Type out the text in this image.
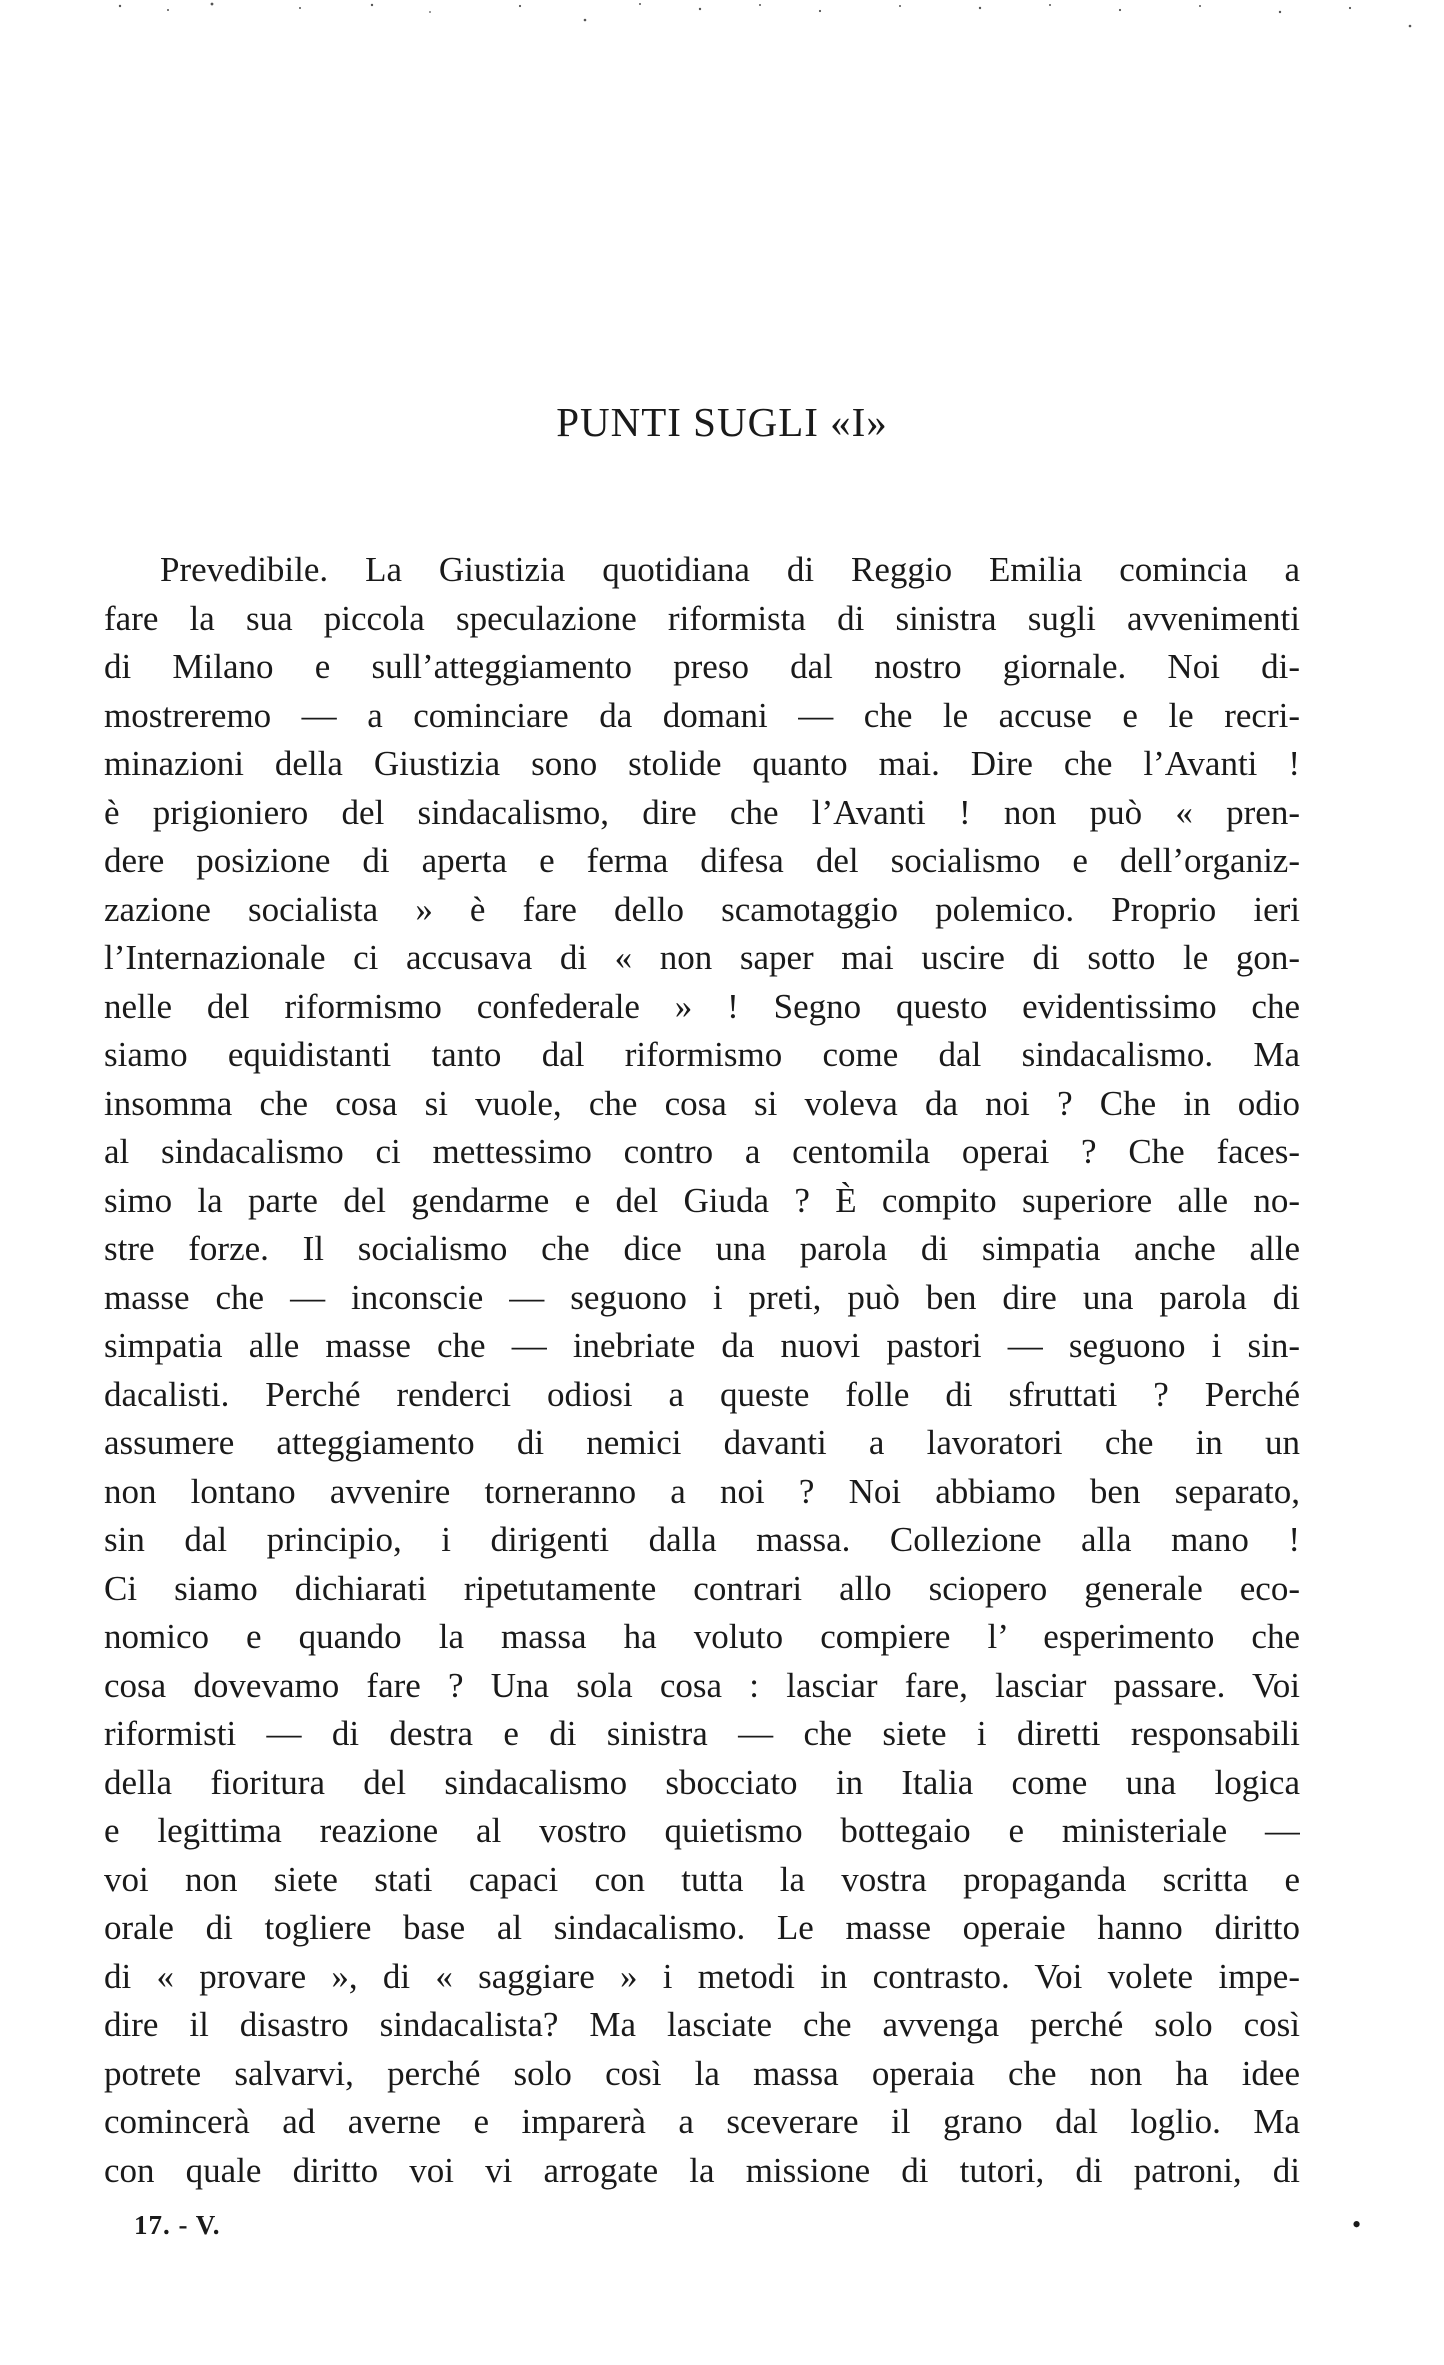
PUNTI SUGLI «I»
Prevedibile. La Giustizia quotidiana di Reggio Emilia comincia a
fare la sua piccola speculazione riformista di sinistra sugli avvenimenti
di Milano e sull’atteggiamento preso dal nostro giornale. Noi di-
mostreremo — a cominciare da domani — che le accuse e le recri-
minazioni della Giustizia sono stolide quanto mai. Dire che l’Avanti !
è prigioniero del sindacalismo, dire che l’Avanti ! non può « pren-
dere posizione di aperta e ferma difesa del socialismo e dell’organiz-
zazione socialista » è fare dello scamotaggio polemico. Proprio ieri
l’Internazionale ci accusava di « non saper mai uscire di sotto le gon-
nelle del riformismo confederale » ! Segno questo evidentissimo che
siamo equidistanti tanto dal riformismo come dal sindacalismo. Ma
insomma che cosa si vuole, che cosa si voleva da noi ? Che in odio
al sindacalismo ci mettessimo contro a centomila operai ? Che faces-
simo la parte del gendarme e del Giuda ? È compito superiore alle no-
stre forze. Il socialismo che dice una parola di simpatia anche alle
masse che — inconscie — seguono i preti, può ben dire una parola di
simpatia alle masse che — inebriate da nuovi pastori — seguono i sin-
dacalisti. Perché renderci odiosi a queste folle di sfruttati ? Perché
assumere atteggiamento di nemici davanti a lavoratori che in un
non lontano avvenire torneranno a noi ? Noi abbiamo ben separato,
sin dal principio, i dirigenti dalla massa. Collezione alla mano !
Ci siamo dichiarati ripetutamente contrari allo sciopero generale eco-
nomico e quando la massa ha voluto compiere l’ esperimento che
cosa dovevamo fare ? Una sola cosa : lasciar fare, lasciar passare. Voi
riformisti — di destra e di sinistra — che siete i diretti responsabili
della fioritura del sindacalismo sbocciato in Italia come una logica
e legittima reazione al vostro quietismo bottegaio e ministeriale —
voi non siete stati capaci con tutta la vostra propaganda scritta e
orale di togliere base al sindacalismo. Le masse operaie hanno diritto
di « provare », di « saggiare » i metodi in contrasto. Voi volete impe-
dire il disastro sindacalista? Ma lasciate che avvenga perché solo così
potrete salvarvi, perché solo così la massa operaia che non ha idee
comincerà ad averne e imparerà a sceverare il grano dal loglio. Ma
con quale diritto voi vi arrogate la missione di tutori, di patroni, di
17. - V.	•
